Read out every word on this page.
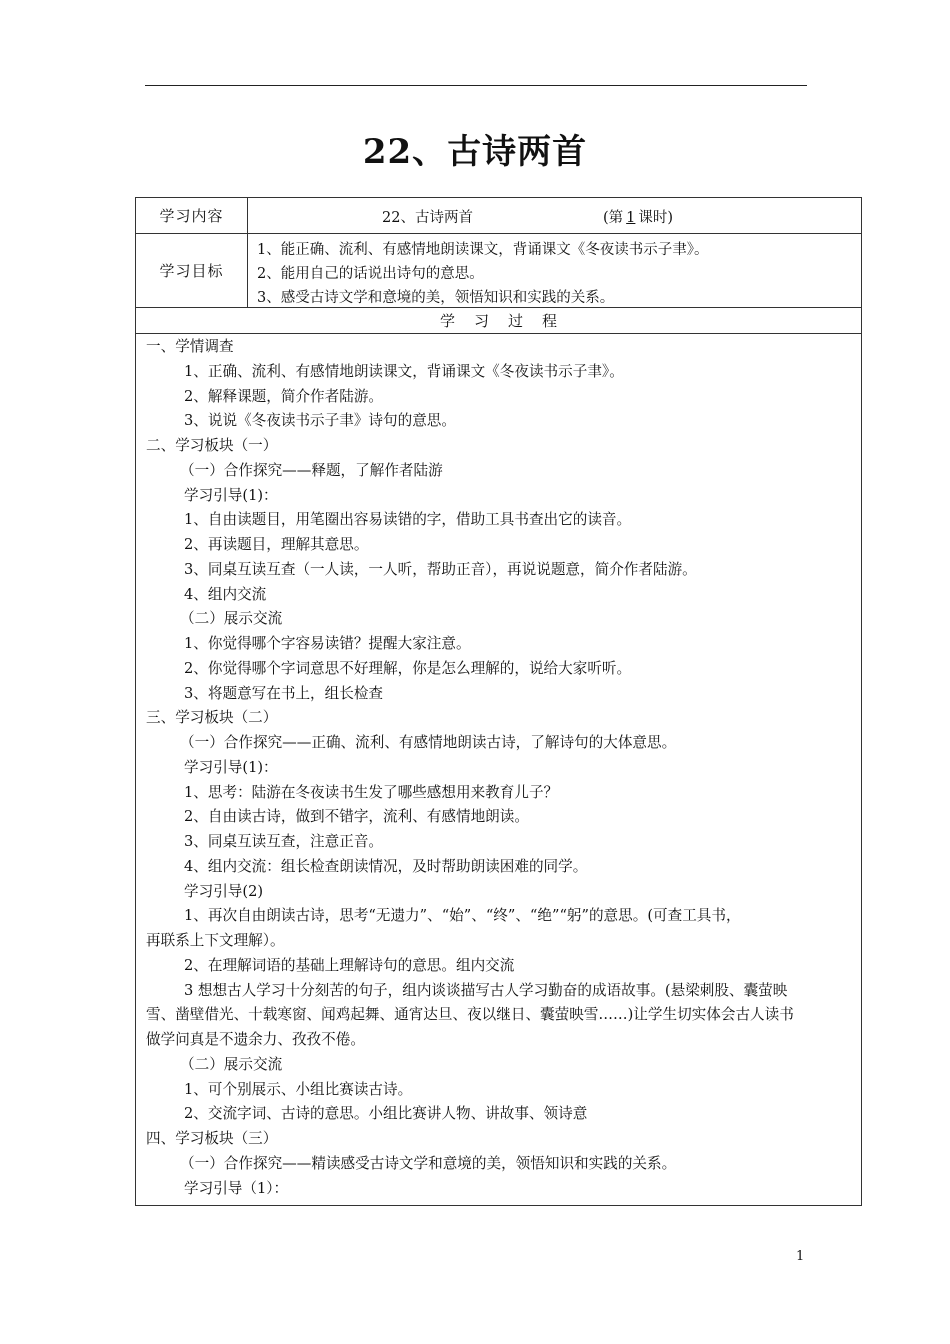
22、古诗两首
学习内容	22、古诗两首	(第 1 课时)
学习目标
1、能正确、流利、有感情地朗读课文，背诵课文《冬夜读书示子聿》。
2、能用自己的话说出诗句的意思。
3、感受古诗文学和意境的美，领悟知识和实践的关系。
学习过程
一、学情调查
1、正确、流利、有感情地朗读课文，背诵课文《冬夜读书示子聿》。
2、解释课题，简介作者陆游。
3、说说《冬夜读书示子聿》诗句的意思。
二、学习板块（一）
（一）合作探究——释题，了解作者陆游
学习引导(1)：
1、自由读题目，用笔圈出容易读错的字，借助工具书查出它的读音。
2、再读题目，理解其意思。
3、同桌互读互查（一人读，一人听，帮助正音），再说说题意，简介作者陆游。
4、组内交流
（二）展示交流
1、你觉得哪个字容易读错？提醒大家注意。
2、你觉得哪个字词意思不好理解，你是怎么理解的，说给大家听听。
3、将题意写在书上，组长检查
三、学习板块（二）
（一）合作探究——正确、流利、有感情地朗读古诗，了解诗句的大体意思。
学习引导(1)：
1、思考：陆游在冬夜读书生发了哪些感想用来教育儿子？
2、自由读古诗，做到不错字，流利、有感情地朗读。
3、同桌互读互查，注意正音。
4、组内交流：组长检查朗读情况，及时帮助朗读困难的同学。
学习引导(2)
1、再次自由朗读古诗，思考“无遗力”、“始”、“终”、“绝”“躬”的意思。(可查工具书，
再联系上下文理解）。
2、在理解词语的基础上理解诗句的意思。组内交流
3 想想古人学习十分刻苦的句子，组内谈谈描写古人学习勤奋的成语故事。(悬梁刺股、囊萤映
雪、凿壁借光、十载寒窗、闻鸡起舞、通宵达旦、夜以继日、囊萤映雪……)让学生切实体会古人读书
做学问真是不遗余力、孜孜不倦。
（二）展示交流
1、可个别展示、小组比赛读古诗。
2、交流字词、古诗的意思。小组比赛讲人物、讲故事、领诗意
四、学习板块（三）
（一）合作探究——精读感受古诗文学和意境的美，领悟知识和实践的关系。
学习引导（1）：
1
